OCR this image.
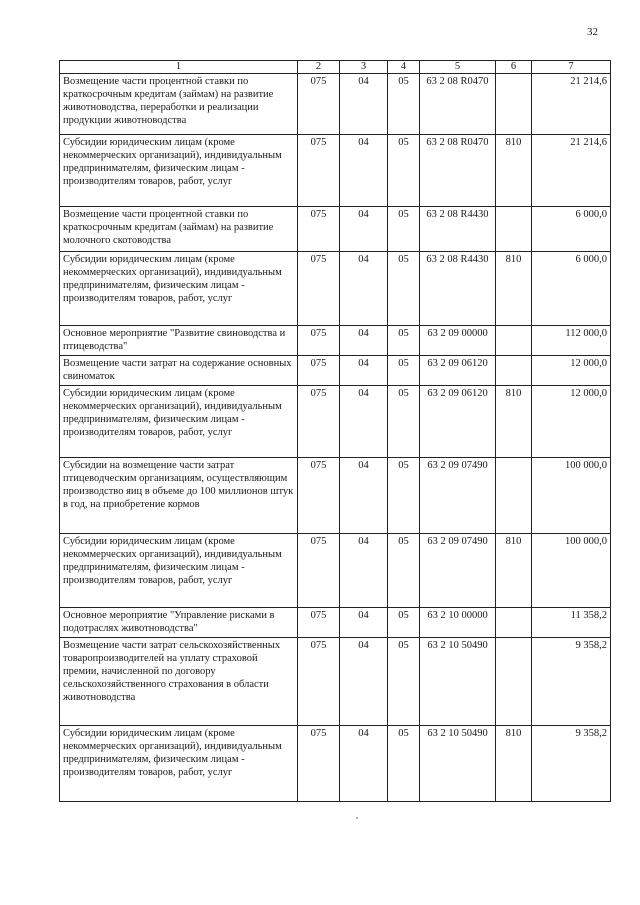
32
1	2	3	4	5	6	7
Возмещение части процентной ставки по краткосрочным кредитам (займам) на развитие животноводства, переработки и реализации продукции животноводства	075	04	05	63 2 08 R0470		21 214,6
Субсидии юридическим лицам (кроме некоммерческих организаций), индивидуальным предпринимателям, физическим лицам - производителям товаров, работ, услуг	075	04	05	63 2 08 R0470	810	21 214,6
Возмещение части процентной ставки по краткосрочным кредитам (займам) на развитие молочного скотоводства	075	04	05	63 2 08 R4430		6 000,0
Субсидии юридическим лицам (кроме некоммерческих организаций), индивидуальным предпринимателям, физическим лицам - производителям товаров, работ, услуг	075	04	05	63 2 08 R4430	810	6 000,0
Основное мероприятие "Развитие свиноводства и птицеводства"	075	04	05	63 2 09 00000		112 000,0
Возмещение части затрат на содержание основных свиноматок	075	04	05	63 2 09 06120		12 000,0
Субсидии юридическим лицам (кроме некоммерческих организаций), индивидуальным предпринимателям, физическим лицам - производителям товаров, работ, услуг	075	04	05	63 2 09 06120	810	12 000,0
Субсидии на возмещение части затрат птицеводческим организациям, осуществляющим производство яиц в объеме до 100 миллионов штук в год, на приобретение кормов	075	04	05	63 2 09 07490		100 000,0
Субсидии юридическим лицам (кроме некоммерческих организаций), индивидуальным предпринимателям, физическим лицам - производителям товаров, работ, услуг	075	04	05	63 2 09 07490	810	100 000,0
Основное мероприятие "Управление рисками в подотраслях животноводства"	075	04	05	63 2 10 00000		11 358,2
Возмещение части затрат сельскохозяйственных товаропроизводителей на уплату страховой премии, начисленной по договору сельскохозяйственного страхования в области животноводства	075	04	05	63 2 10 50490		9 358,2
Субсидии юридическим лицам (кроме некоммерческих организаций), индивидуальным предпринимателям, физическим лицам - производителям товаров, работ, услуг	075	04	05	63 2 10 50490	810	9 358,2
